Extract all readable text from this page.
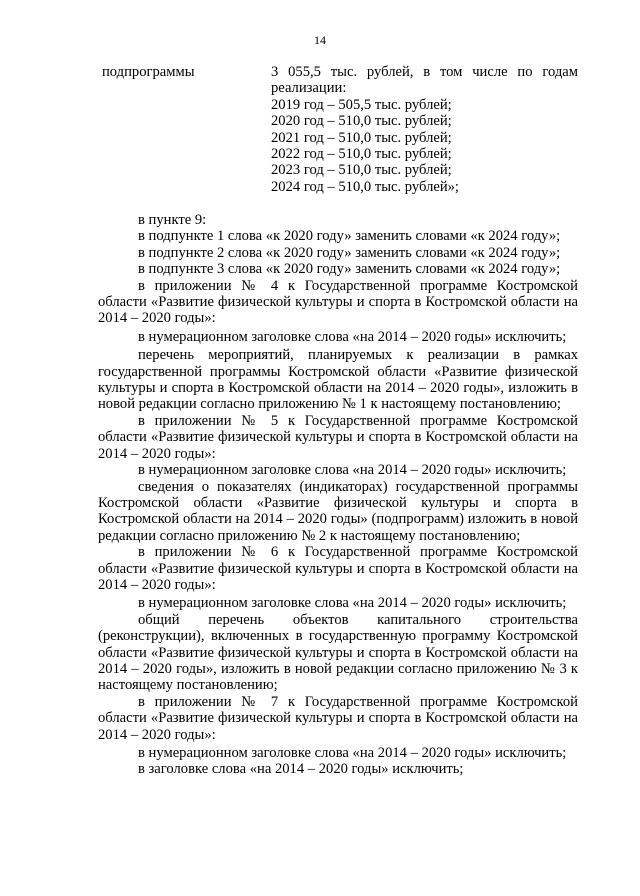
14
подпрограммы	3 055,5 тыс. рублей, в том числе по годам
реализации:
2019 год – 505,5 тыс. рублей;
2020 год – 510,0 тыс. рублей;
2021 год – 510,0 тыс. рублей;
2022 год – 510,0 тыс. рублей;
2023 год – 510,0 тыс. рублей;
2024 год – 510,0 тыс. рублей»;

в пункте 9:

в подпункте 1 слова «к 2020 году» заменить словами «к 2024 году»;

в подпункте 2 слова «к 2020 году» заменить словами «к 2024 году»;

в подпункте 3 слова «к 2020 году» заменить словами «к 2024 году»;

в приложении № 4 к Государственной программе Костромской области «Развитие физической культуры и спорта в Костромской области на 2014 – 2020 годы»:

в нумерационном заголовке слова «на 2014 – 2020 годы» исключить;

перечень мероприятий, планируемых к реализации в рамках государственной программы Костромской области «Развитие физической культуры и спорта в Костромской области на 2014 – 2020 годы», изложить в новой редакции согласно приложению № 1 к настоящему постановлению;

в приложении № 5 к Государственной программе Костромской области «Развитие физической культуры и спорта в Костромской области на 2014 – 2020 годы»:

в нумерационном заголовке слова «на 2014 – 2020 годы» исключить;

сведения о показателях (индикаторах) государственной программы Костромской области «Развитие физической культуры и спорта в Костромской области на 2014 – 2020 годы» (подпрограмм) изложить в новой редакции согласно приложению № 2 к настоящему постановлению;

в приложении № 6 к Государственной программе Костромской области «Развитие физической культуры и спорта в Костромской области на 2014 – 2020 годы»:

в нумерационном заголовке слова «на 2014 – 2020 годы» исключить;

общий перечень объектов капитального строительства (реконструкции), включенных в государственную программу Костромской области «Развитие физической культуры и спорта в Костромской области на 2014 – 2020 годы», изложить в новой редакции согласно приложению № 3 к настоящему постановлению;

в приложении № 7 к Государственной программе Костромской области «Развитие физической культуры и спорта в Костромской области на 2014 – 2020 годы»:

в нумерационном заголовке слова «на 2014 – 2020 годы» исключить;

в заголовке слова «на 2014 – 2020 годы» исключить;
